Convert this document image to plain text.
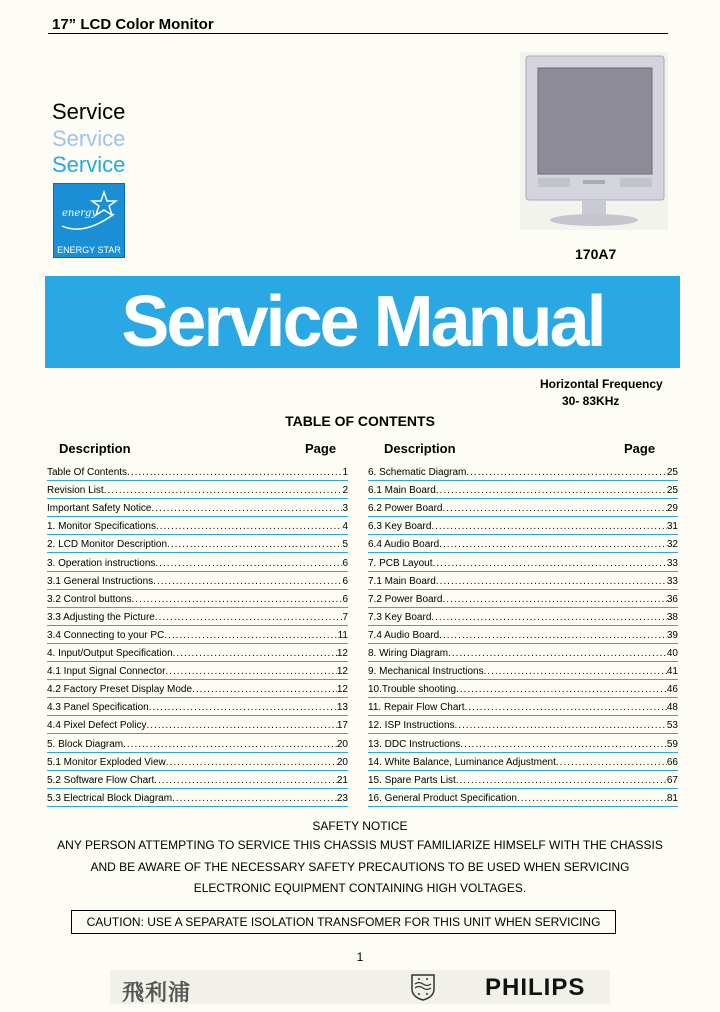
17” LCD Color Monitor
Service
Service
Service
energy
ENERGY STAR	170A7
Service Manual
Horizontal Frequency
30- 83KHz
TABLE OF CONTENTS
Description	Page	Description	Page
Table Of Contents .....	1
Revision List .....	2
Important Safety Notice .....	3
1. Monitor Specifications .....	4
2. LCD Monitor Description .....	5
3. Operation instructions .....	6
3.1 General Instructions .....	6
3.2 Control buttons .....	6
3.3 Adjusting the Picture .....	7
3.4 Connecting to your PC .....	11
4. Input/Output Specification .....	12
4.1 Input Signal Connector .....	12
4.2 Factory Preset Display Mode .....	12
4.3 Panel Specification .....	13
4.4 Pixel Defect Policy .....	17
5. Block Diagram .....	20
5.1 Monitor Exploded View .....	20
5.2 Software Flow Chart .....	21
5.3 Electrical Block Diagram .....	23
6. Schematic Diagram .....	25
6.1 Main Board .....	25
6.2 Power Board .....	29
6.3 Key Board .....	31
6.4 Audio Board .....	32
7. PCB Layout .....	33
7.1 Main Board .....	33
7.2 Power Board .....	36
7.3 Key Board .....	38
7.4 Audio Board .....	39
8. Wiring Diagram .....	40
9. Mechanical Instructions .....	41
10.Trouble shooting .....	46
11. Repair Flow Chart .....	48
12. ISP Instructions .....	53
13. DDC Instructions .....	59
14. White Balance, Luminance Adjustment .....	66
15. Spare Parts List .....	67
16. General Product Specification .....	81
SAFETY NOTICE
ANY PERSON ATTEMPTING TO SERVICE THIS CHASSIS MUST FAMILIARIZE HIMSELF WITH THE CHASSIS
AND BE AWARE OF THE NECESSARY SAFETY PRECAUTIONS TO BE USED WHEN SERVICING
ELECTRONIC EQUIPMENT CONTAINING HIGH VOLTAGES.
CAUTION: USE A SEPARATE ISOLATION TRANSFOMER FOR THIS UNIT WHEN SERVICING
1
飛利浦	PHILIPS
